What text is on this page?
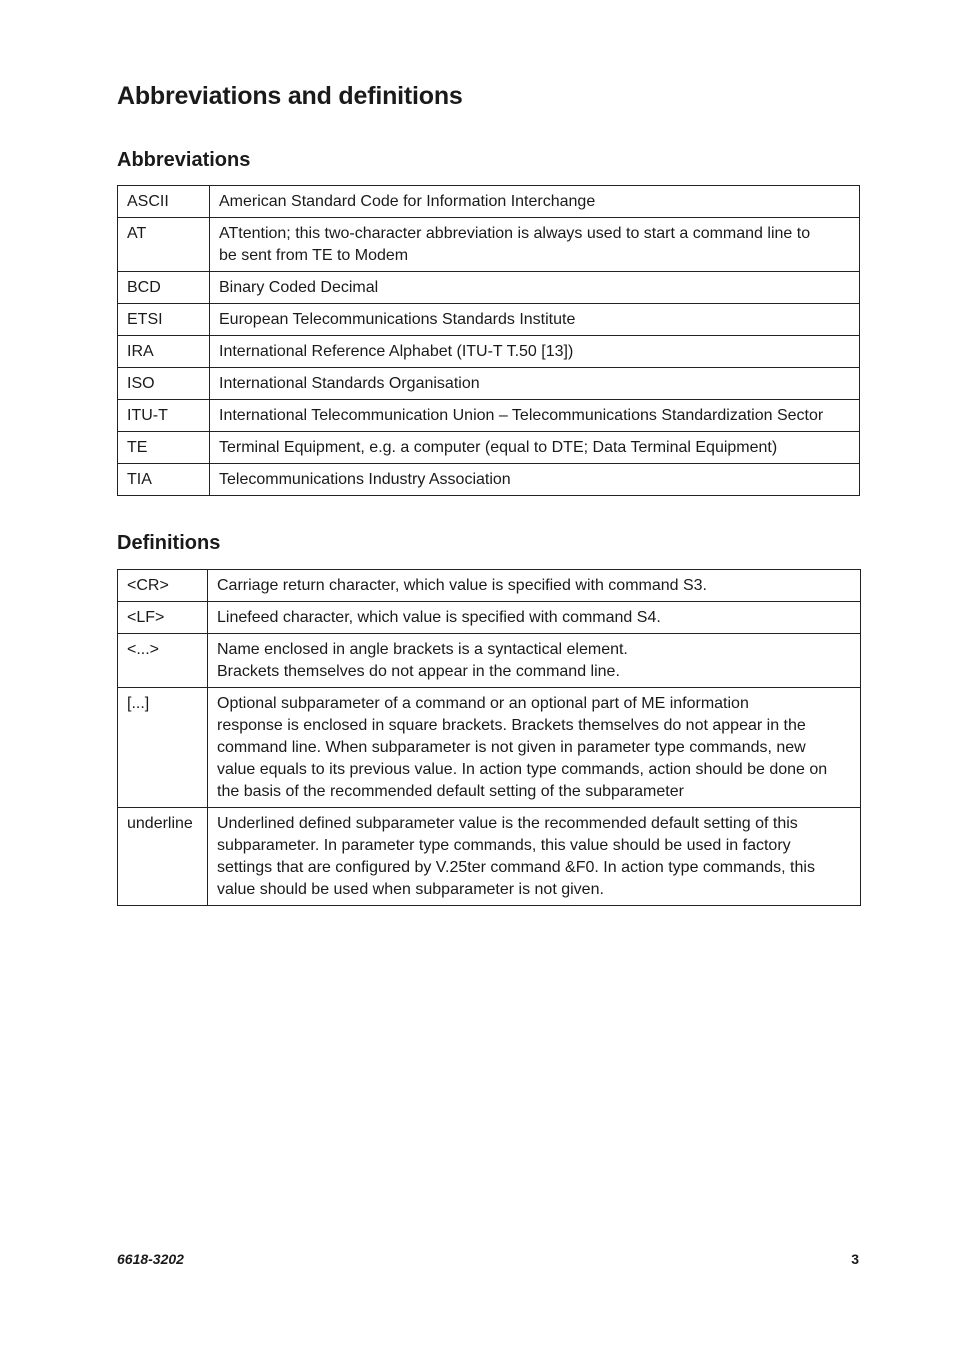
Abbreviations and definitions
Abbreviations
ASCII	American Standard Code for Information Interchange
AT	ATtention; this two-character abbreviation is always used to start a command line to
be sent from TE to Modem
BCD	Binary Coded Decimal
ETSI	European Telecommunications Standards Institute
IRA	International Reference Alphabet (ITU-T T.50 [13])
ISO	International Standards Organisation
ITU-T	International Telecommunication Union – Telecommunications Standardization Sector
TE	Terminal Equipment, e.g. a computer (equal to DTE; Data Terminal Equipment)
TIA	Telecommunications Industry Association
Definitions
<CR>	Carriage return character, which value is specified with command S3.
<LF>	Linefeed character, which value is specified with command S4.
<...>	Name enclosed in angle brackets is a syntactical element.
Brackets themselves do not appear in the command line.
[...]	Optional subparameter of a command or an optional part of ME information
response is enclosed in square brackets. Brackets themselves do not appear in the
command line. When subparameter is not given in parameter type commands, new
value equals to its previous value. In action type commands, action should be done on
the basis of the recommended default setting of the subparameter
underline	Underlined defined subparameter value is the recommended default setting of this
subparameter. In parameter type commands, this value should be used in factory
settings that are configured by V.25ter command &F0. In action type commands, this
value should be used when subparameter is not given.
6618-3202	3
